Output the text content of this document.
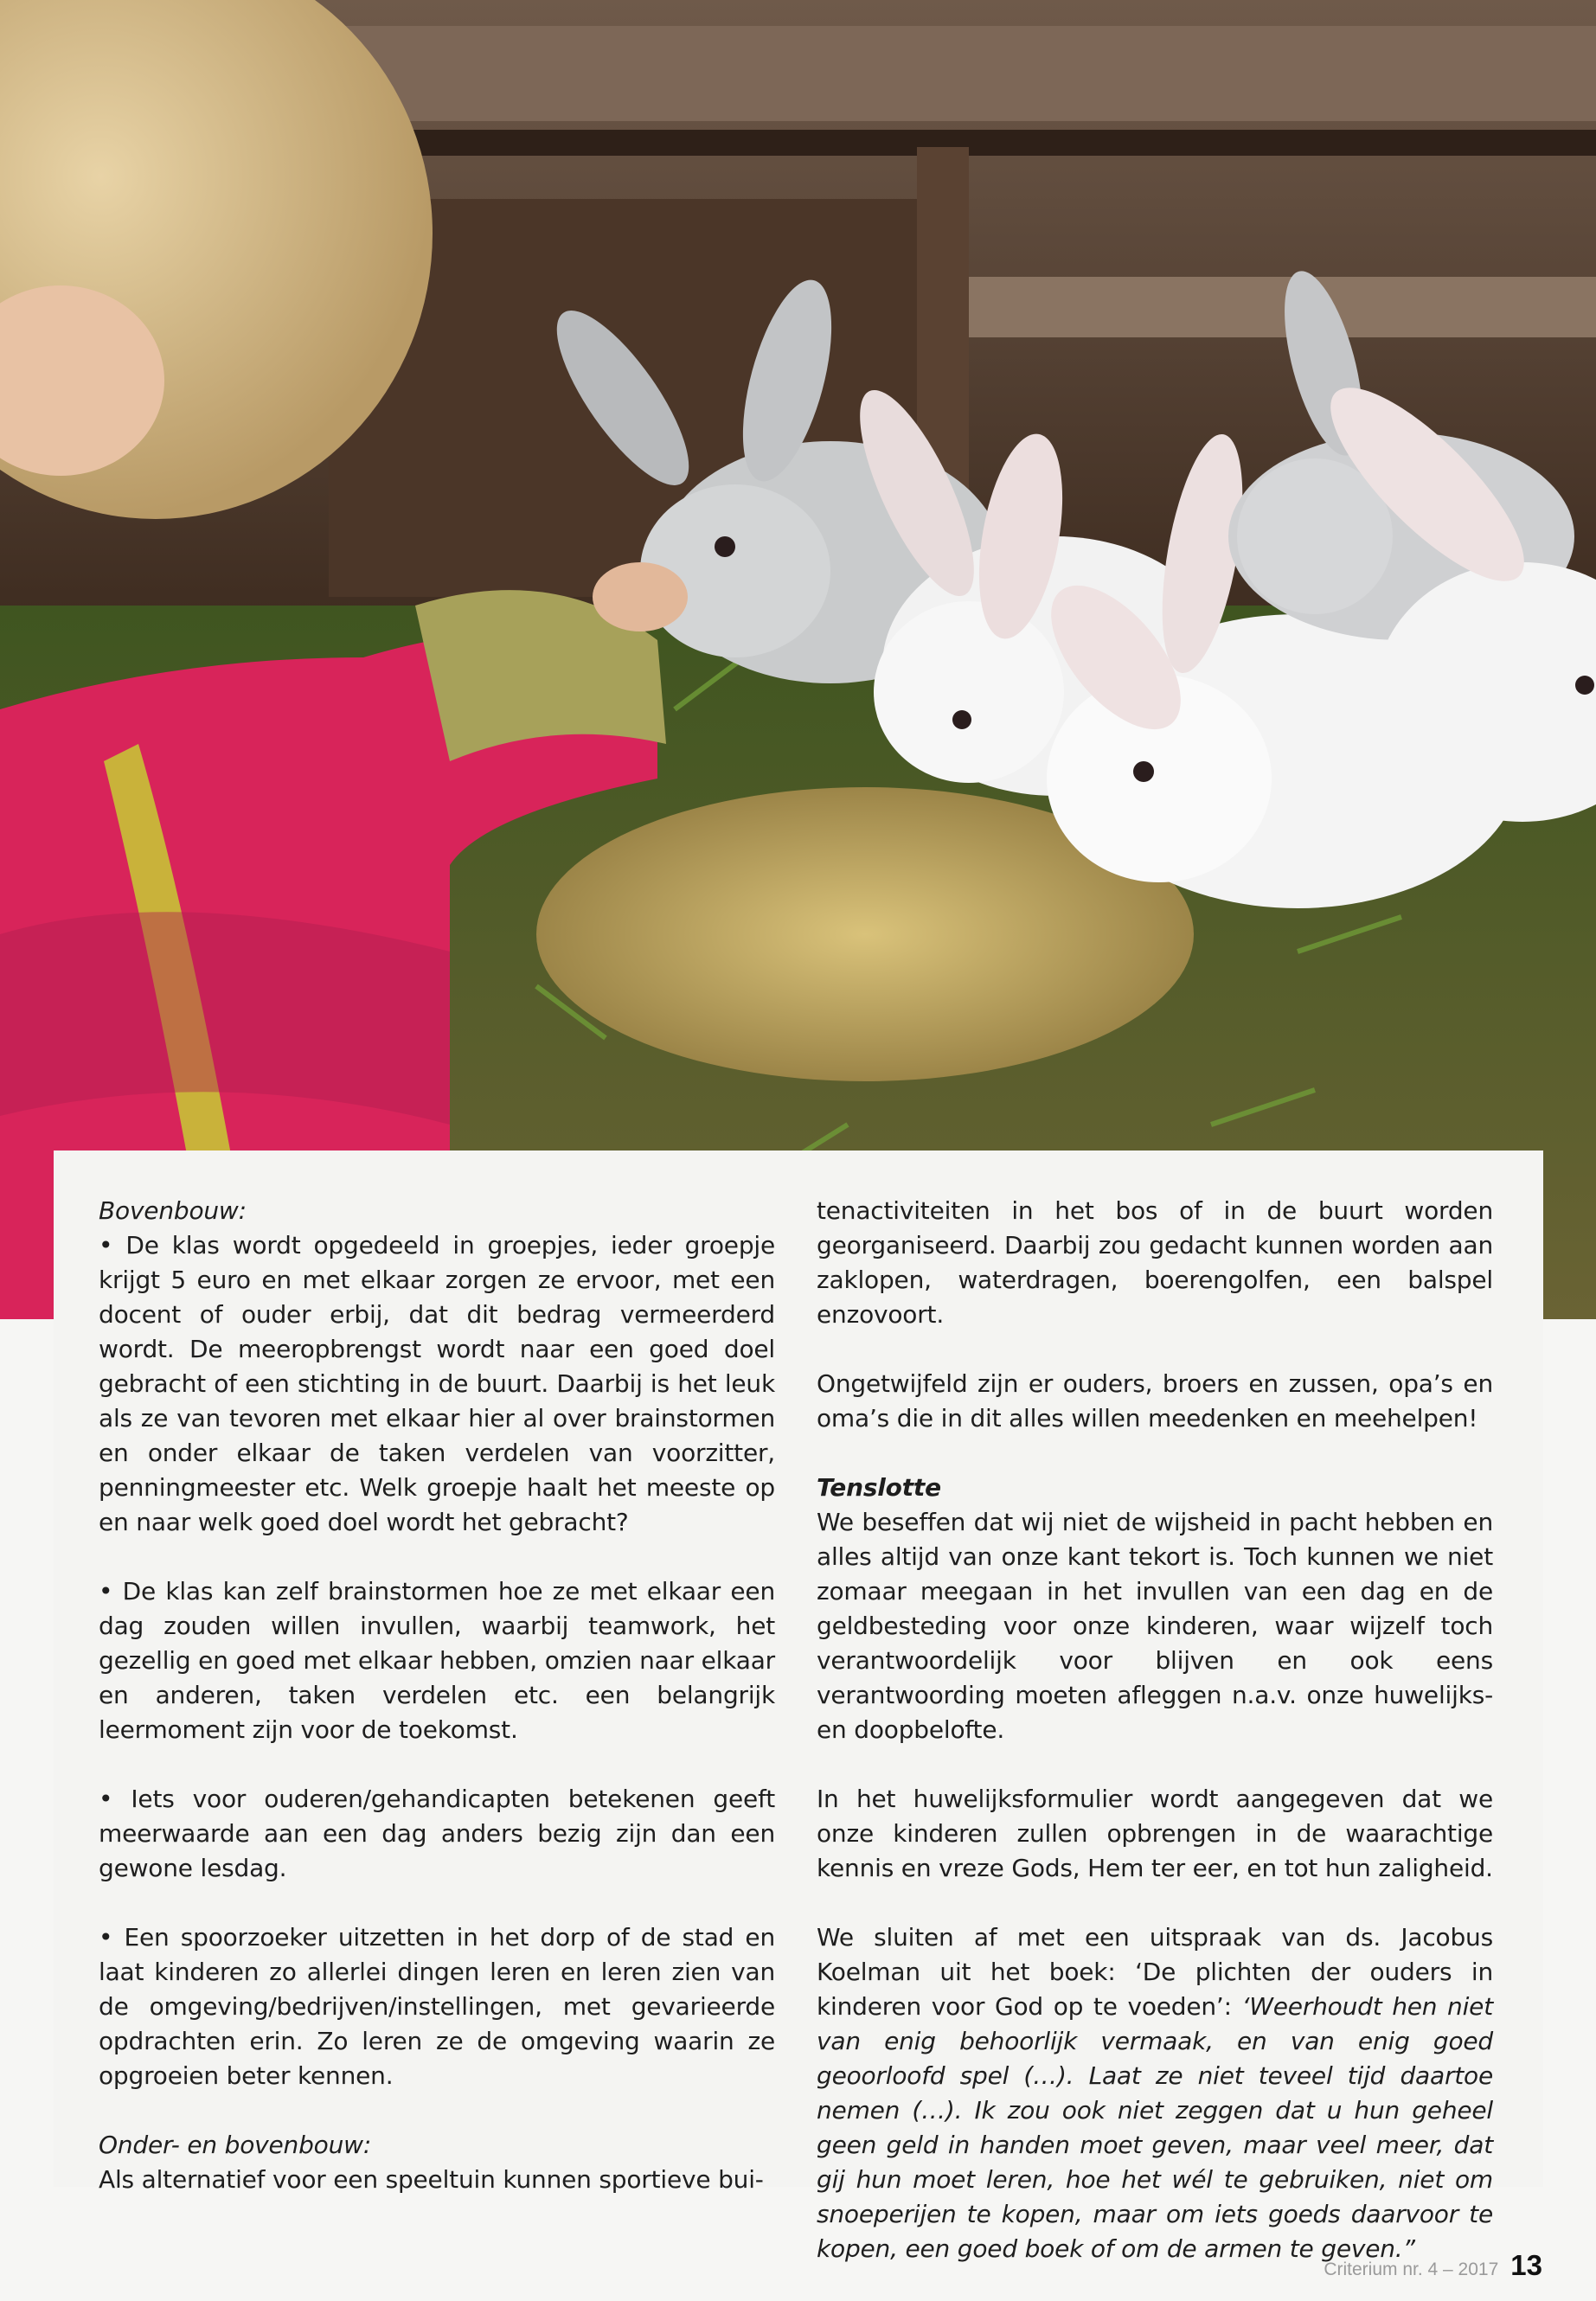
Bovenbouw:
• De klas wordt opgedeeld in groepjes, ieder groepje krijgt 5 euro en met elkaar zorgen ze ervoor, met een docent of ouder erbij, dat dit bedrag vermeerderd wordt. De meeropbrengst wordt naar een goed doel gebracht of een stichting in de buurt. Daarbij is het leuk als ze van tevoren met elkaar hier al over brainstormen en onder elkaar de taken verdelen van voorzitter, penningmeester etc. Welk groepje haalt het meeste op en naar welk goed doel wordt het gebracht?

• De klas kan zelf brainstormen hoe ze met elkaar een dag zouden willen invullen, waarbij teamwork, het gezellig en goed met elkaar hebben, omzien naar elkaar en anderen, taken verdelen etc. een belangrijk leermoment zijn voor de toekomst.

• Iets voor ouderen/gehandicapten betekenen geeft meerwaarde aan een dag anders bezig zijn dan een gewone lesdag.

• Een spoorzoeker uitzetten in het dorp of de stad en laat kinderen zo allerlei dingen leren en leren zien van de omgeving/bedrijven/instellingen, met gevarieerde opdrachten erin. Zo leren ze de omgeving waarin ze opgroeien beter kennen.

Onder- en bovenbouw:
Als alternatief voor een speeltuin kunnen sportieve bui-

tenactiviteiten in het bos of in de buurt worden georganiseerd. Daarbij zou gedacht kunnen worden aan zaklopen, waterdragen, boerengolfen, een balspel enzovoort.

Ongetwijfeld zijn er ouders, broers en zussen, opa’s en oma’s die in dit alles willen meedenken en meehelpen!

Tenslotte
We beseffen dat wij niet de wijsheid in pacht hebben en alles altijd van onze kant tekort is. Toch kunnen we niet zomaar meegaan in het invullen van een dag en de geldbesteding voor onze kinderen, waar wijzelf toch verantwoordelijk voor blijven en ook eens verantwoording moeten afleggen n.a.v. onze huwelijks-en doopbelofte.

In het huwelijksformulier wordt aangegeven dat we onze kinderen zullen opbrengen in de waarachtige kennis en vreze Gods, Hem ter eer, en tot hun zaligheid.

We sluiten af met een uitspraak van ds. Jacobus Koelman uit het boek: ‘De plichten der ouders in kinderen voor God op te voeden’: ‘Weerhoudt hen niet van enig behoorlijk vermaak, en van enig goed geoorloofd spel (…). Laat ze niet teveel tijd daartoe nemen (…). Ik zou ook niet zeggen dat u hun geheel geen geld in handen moet geven, maar veel meer, dat gij hun moet leren, hoe het wél te gebruiken, niet om snoeperijen te kopen, maar om iets goeds daarvoor te kopen, een goed boek of om de armen te geven.”

Criterium nr. 4 – 2017 13
